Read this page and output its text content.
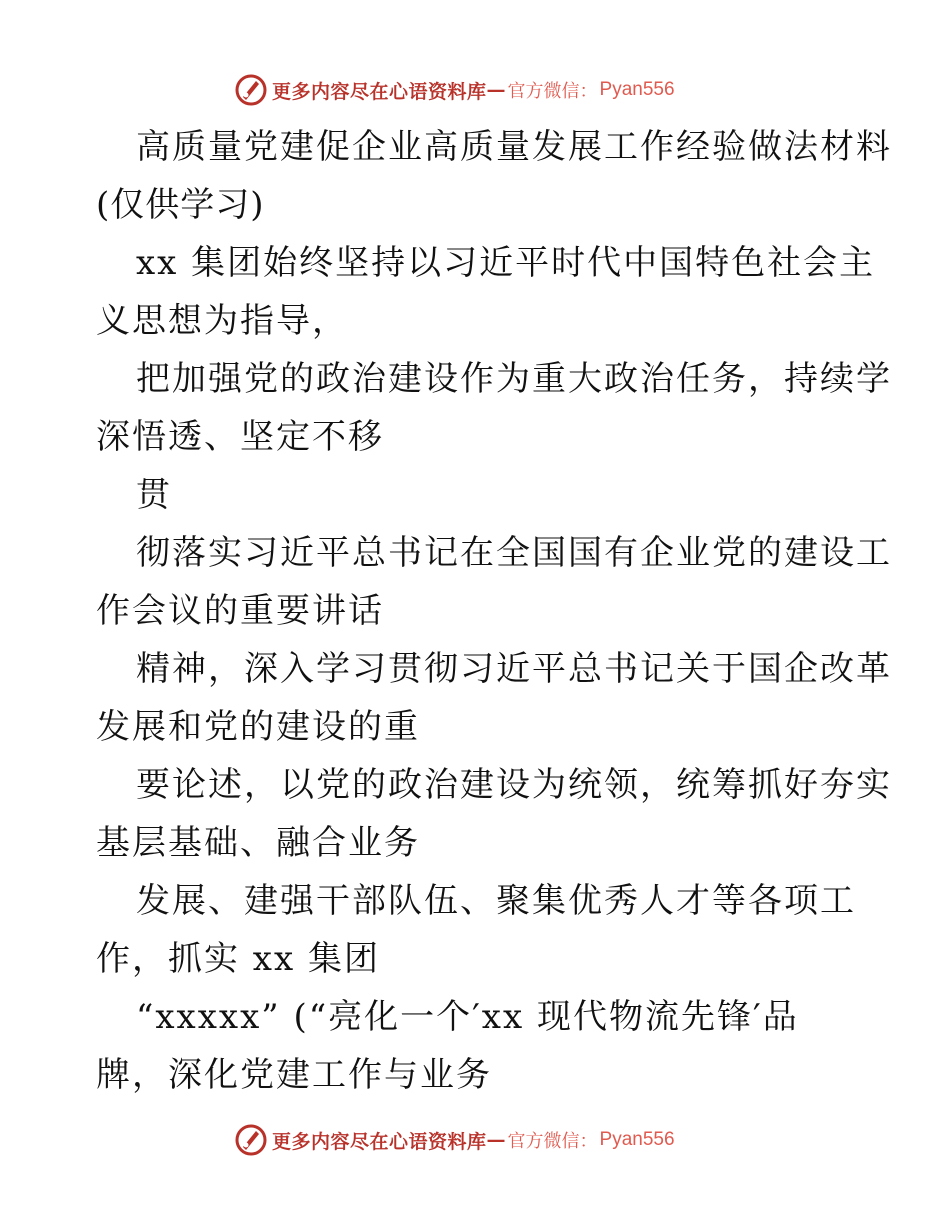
更多内容尽在心语资料库 — 官方微信： Pyan556
高质量党建促企业高质量发展工作经验做法材料
(仅供学习)
xx 集团始终坚持以习近平时代中国特色社会主
义思想为指导，
把加强党的政治建设作为重大政治任务，持续学
深悟透、坚定不移
贯
彻落实习近平总书记在全国国有企业党的建设工
作会议的重要讲话
精神，深入学习贯彻习近平总书记关于国企改革
发展和党的建设的重
要论述，以党的政治建设为统领，统筹抓好夯实
基层基础、融合业务
发展、建强干部队伍、聚集优秀人才等各项工
作，抓实 xx 集团
“xxxxx” (“亮化一个′xx 现代物流先锋′品
牌，深化党建工作与业务
更多内容尽在心语资料库 — 官方微信： Pyan556
